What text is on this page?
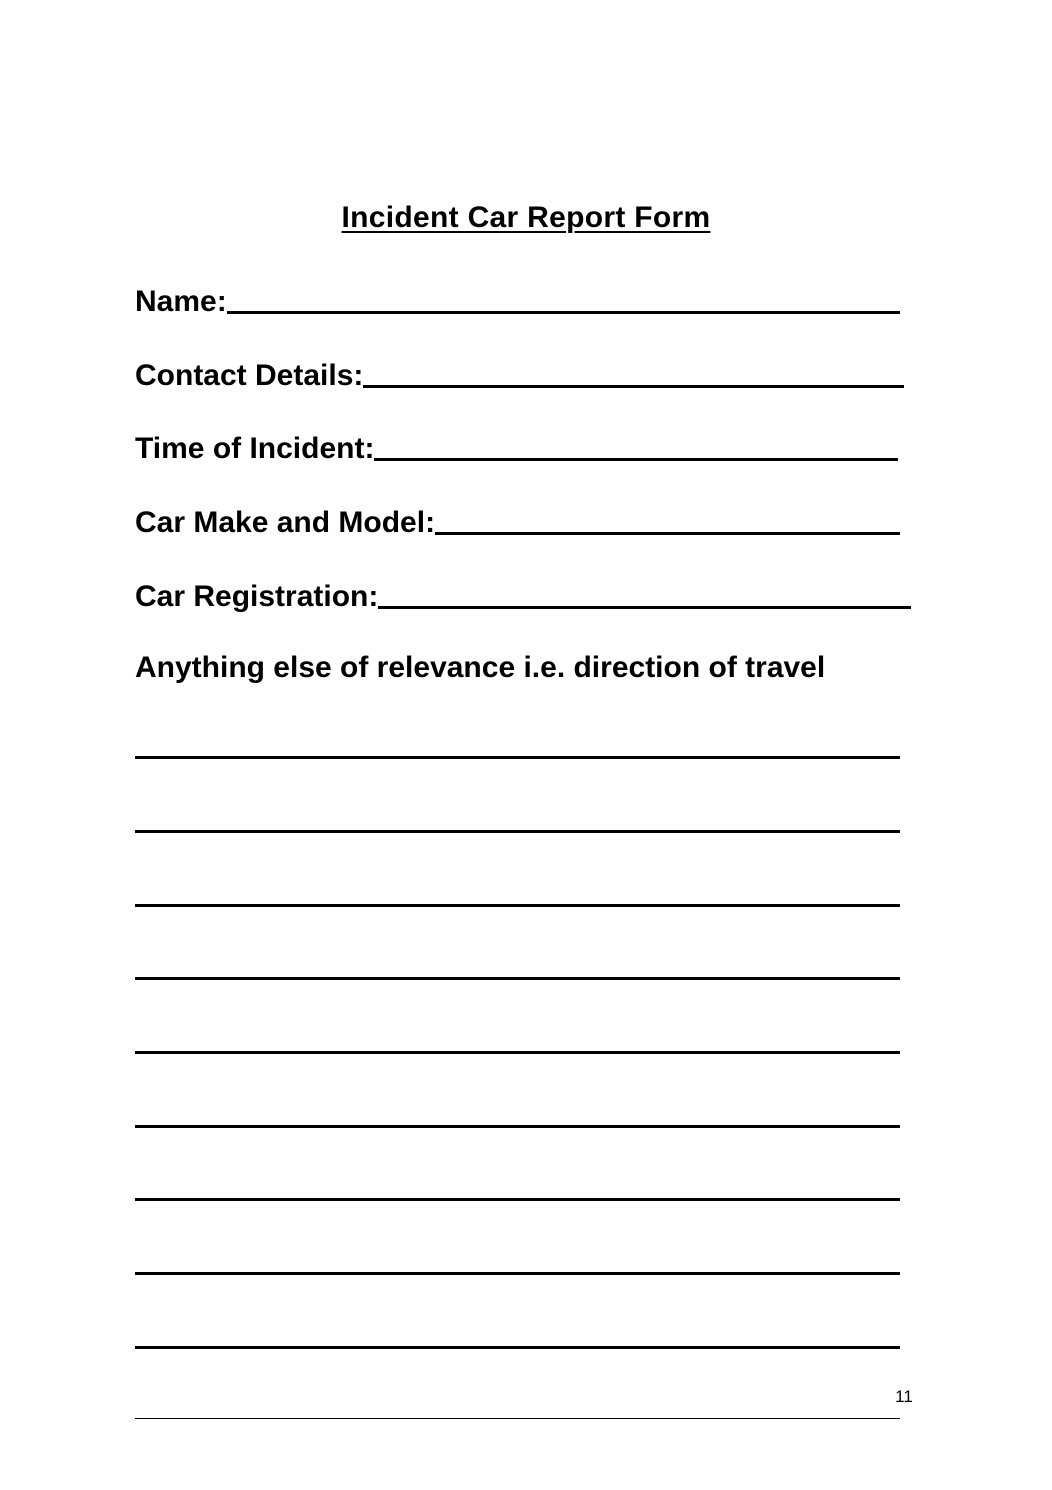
Incident Car Report Form
Name:
Contact Details:
Time of Incident:
Car Make and Model:
Car Registration:
Anything else of relevance i.e. direction of travel
11
